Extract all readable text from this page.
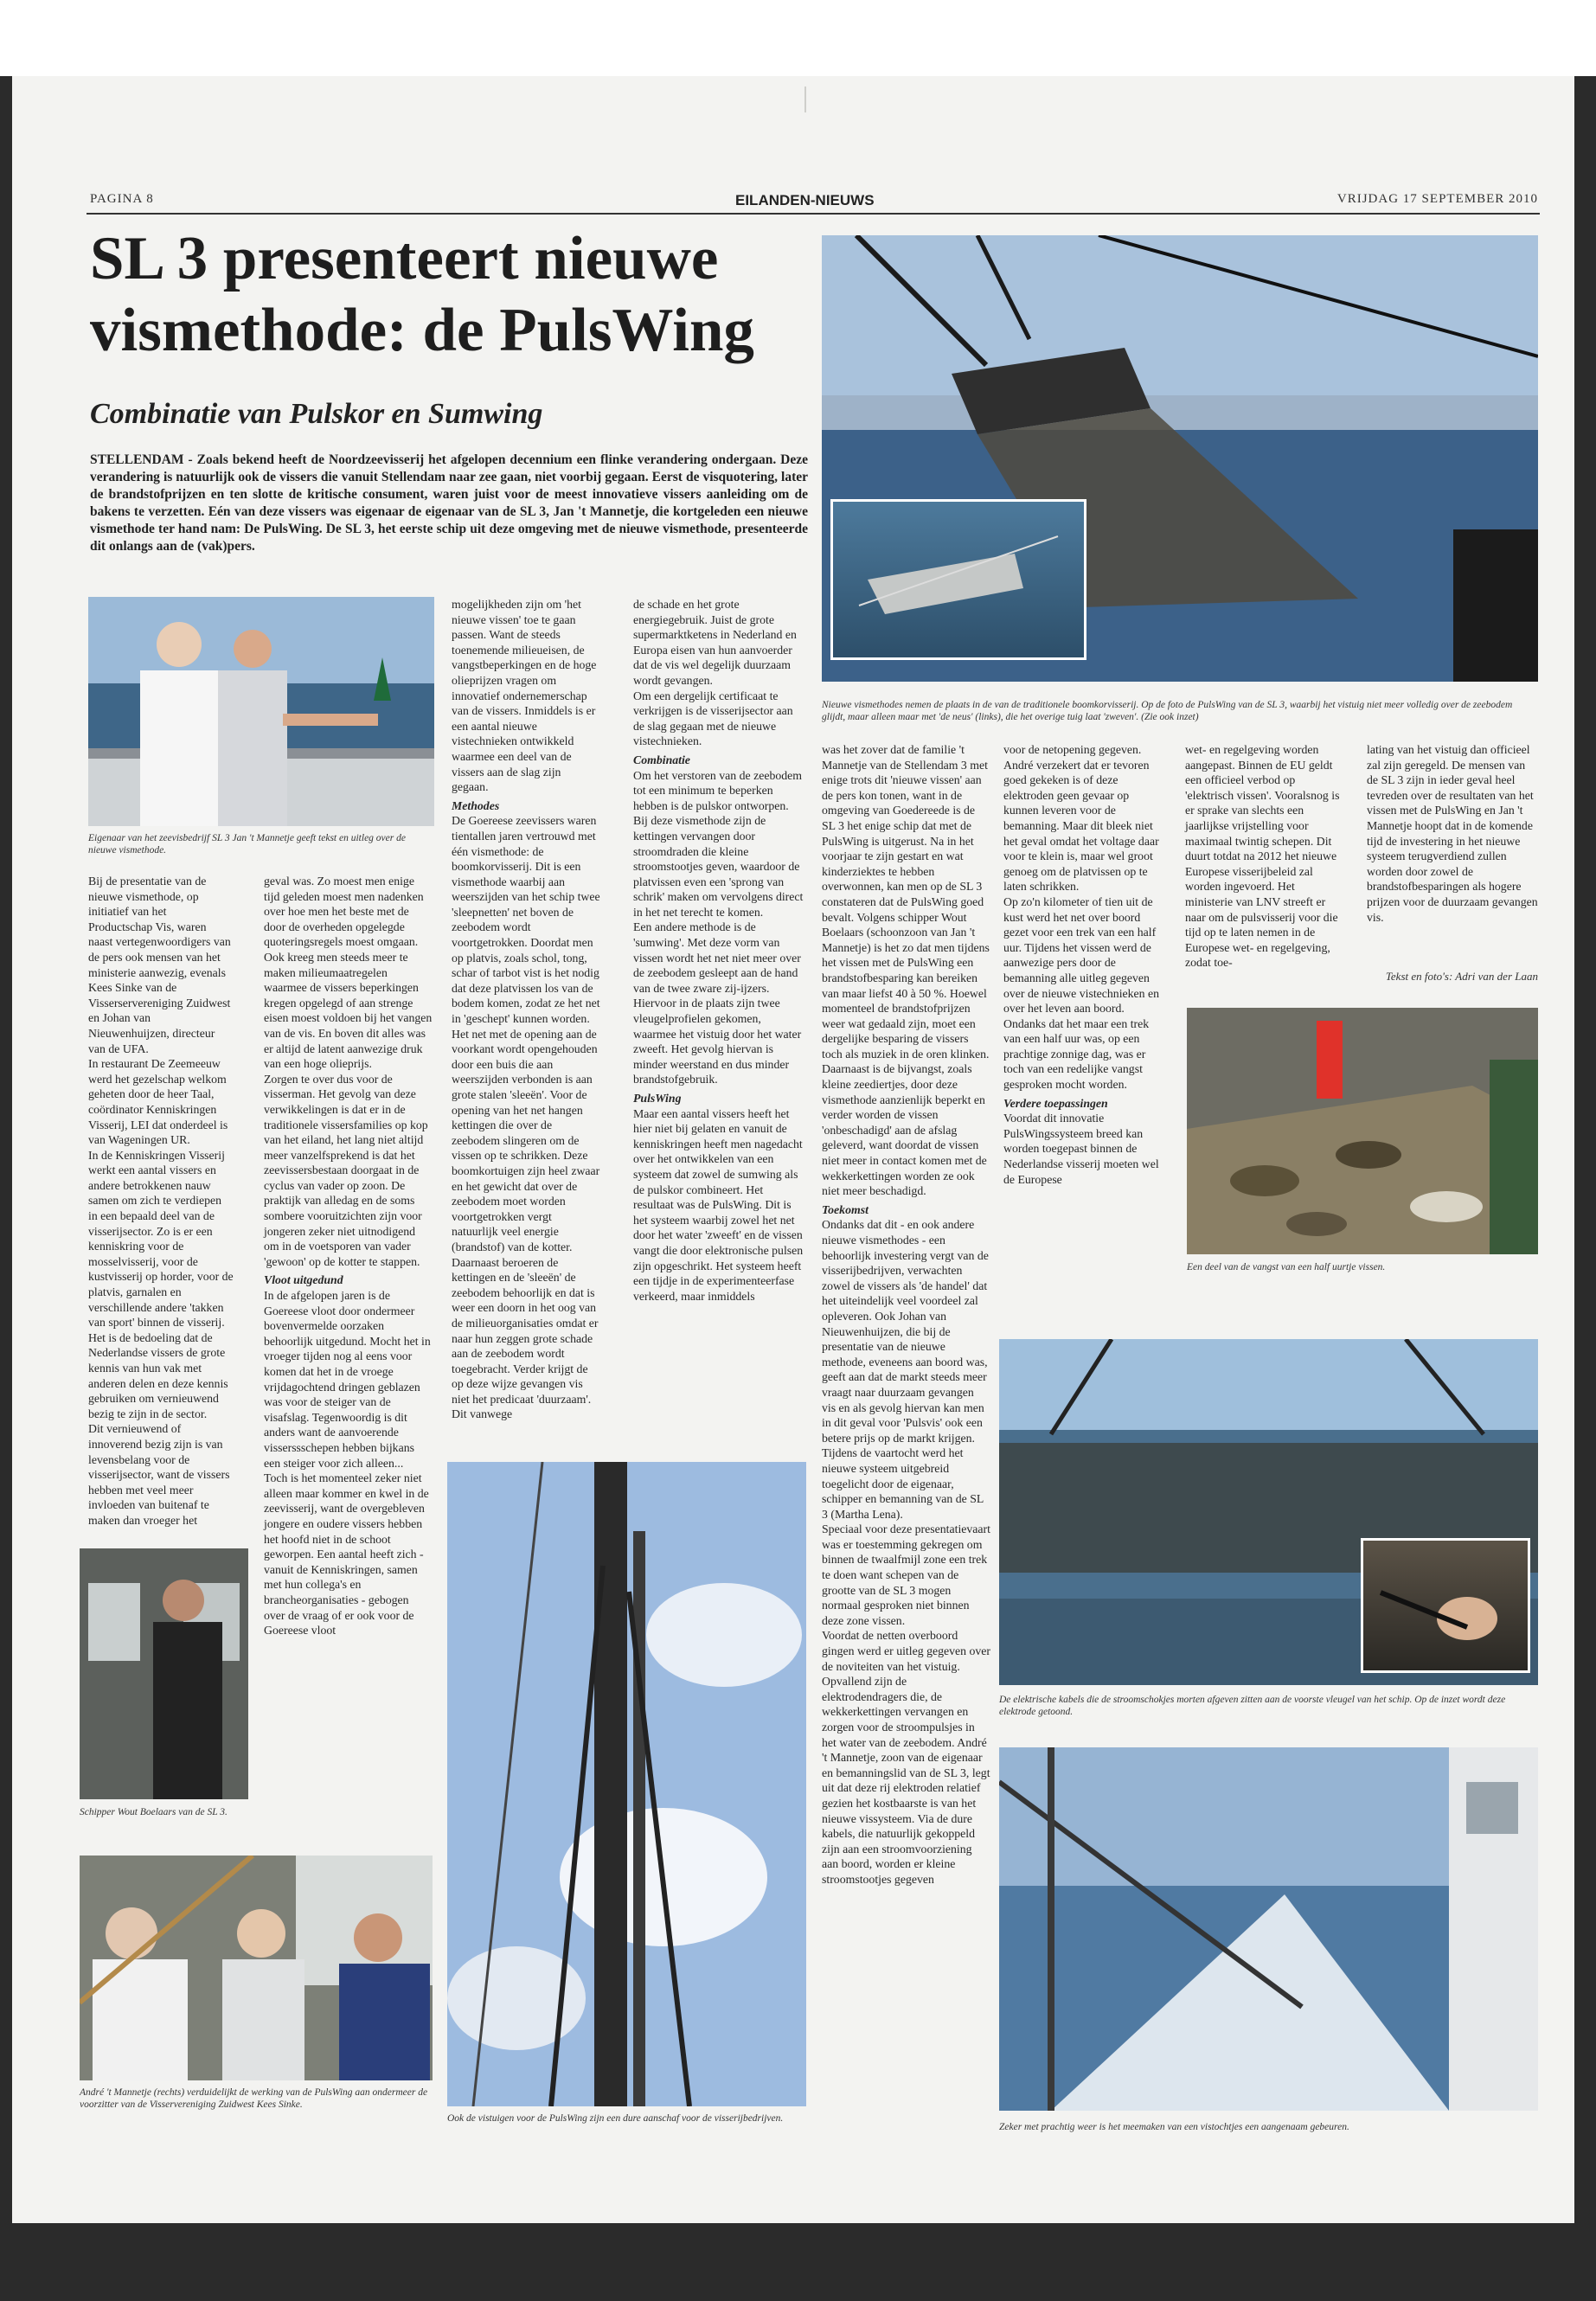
PAGINA 8	EILANDEN-NIEUWS	VRIJDAG 17 SEPTEMBER 2010
SL 3 presenteert nieuwe
vismethode: de PulsWing
Combinatie van Pulskor en Sumwing

STELLENDAM - Zoals bekend heeft de Noordzeevisserij het afgelopen decennium een flinke verandering ondergaan. Deze verandering is natuurlijk ook de vissers die vanuit Stellendam naar zee gaan, niet voorbij gegaan. Eerst de visquotering, later de brandstofprijzen en ten slotte de kritische consument, waren juist voor de meest innovatieve vissers aanleiding om de bakens te verzetten. Eén van deze vissers was eigenaar de eigenaar van de SL 3, Jan 't Mannetje, die kortgeleden een nieuwe vismethode ter hand nam: De PulsWing. De SL 3, het eerste schip uit deze omgeving met de nieuwe vismethode, presenteerde dit onlangs aan de (vak)pers.

Eigenaar van het zeevisbedrijf SL 3 Jan 't Mannetje geeft tekst en uitleg over de nieuwe vismethode.

Bij de presentatie van de nieuwe vismethode, op initiatief van het Productschap Vis, waren naast vertegenwoordigers van de pers ook mensen van het ministerie aanwezig, evenals Kees Sinke van de Visserservereniging Zuidwest en Johan van Nieuwenhuijzen, directeur van de UFA.

In restaurant De Zeemeeuw werd het gezelschap welkom geheten door de heer Taal, coördinator Kenniskringen Visserij, LEI dat onderdeel is van Wageningen UR.

In de Kenniskringen Visserij werkt een aantal vissers en andere betrokkenen nauw samen om zich te verdiepen in een bepaald deel van de visserijsector. Zo is er een kenniskring voor de mosselvisserij, voor de kustvisserij op horder, voor de platvis, garnalen en verschillende andere 'takken van sport' binnen de visserij. Het is de bedoeling dat de Nederlandse vissers de grote kennis van hun vak met anderen delen en deze kennis gebruiken om vernieuwend bezig te zijn in de sector.

Dit vernieuwend of innoverend bezig zijn is van levensbelang voor de visserijsector, want de vissers hebben met veel meer invloeden van buitenaf te maken dan vroeger het

geval was. Zo moest men enige tijd geleden moest men nadenken over hoe men het beste met de door de overheden opgelegde quoteringsregels moest omgaan. Ook kreeg men steeds meer te maken milieumaatregelen waarmee de vissers beperkingen kregen opgelegd of aan strenge eisen moest voldoen bij het vangen van de vis. En boven dit alles was er altijd de latent aanwezige druk van een hoge olieprijs.

Zorgen te over dus voor de visserman. Het gevolg van deze verwikkelingen is dat er in de traditionele vissersfamilies op kop van het eiland, het lang niet altijd meer vanzelfsprekend is dat het zeevissersbestaan doorgaat in de cyclus van vader op zoon. De praktijk van alledag en de soms sombere vooruitzichten zijn voor jongeren zeker niet uitnodigend om in de voetsporen van vader 'gewoon' op de kotter te stappen.

Vloot uitgedund

In de afgelopen jaren is de Goereese vloot door ondermeer bovenvermelde oorzaken behoorlijk uitgedund. Mocht het in vroeger tijden nog al eens voor komen dat het in de vroege vrijdagochtend dringen geblazen was voor de steiger van de visafslag. Tegenwoordig is dit anders want de aanvoerende visserssschepen hebben bijkans een steiger voor zich alleen...

Toch is het momenteel zeker niet alleen maar kommer en kwel in de zeevisserij, want de overgebleven jongere en oudere vissers hebben het hoofd niet in de schoot geworpen. Een aantal heeft zich - vanuit de Kenniskringen, samen met hun collega's en brancheorganisaties - gebogen over de vraag of er ook voor de Goereese vloot

Schipper Wout Boelaars van de SL 3.

André 't Mannetje (rechts) verduidelijkt de werking van de PulsWing aan ondermeer de voorzitter van de Visservereniging Zuidwest Kees Sinke.

mogelijkheden zijn om 'het nieuwe vissen' toe te gaan passen. Want de steeds toenemende milieueisen, de vangstbeperkingen en de hoge olieprijzen vragen om innovatief ondernemerschap van de vissers. Inmiddels is er een aantal nieuwe vistechnieken ontwikkeld waarmee een deel van de vissers aan de slag zijn gegaan.

Methodes

De Goereese zeevissers waren tientallen jaren vertrouwd met één vismethode: de boomkorvisserij. Dit is een vismethode waarbij aan weerszijden van het schip twee 'sleepnetten' net boven de zeebodem wordt voortgetrokken. Doordat men op platvis, zoals schol, tong, schar of tarbot vist is het nodig dat deze platvissen los van de bodem komen, zodat ze het net in 'geschept' kunnen worden. Het net met de opening aan de voorkant wordt opengehouden door een buis die aan weerszijden verbonden is aan grote stalen 'sleeën'. Voor de opening van het net hangen kettingen die over de zeebodem slingeren om de vissen op te schrikken. Deze boomkortuigen zijn heel zwaar en het gewicht dat over de zeebodem moet worden voortgetrokken vergt natuurlijk veel energie (brandstof) van de kotter. Daarnaast beroeren de kettingen en de 'sleeën' de zeebodem behoorlijk en dat is weer een doorn in het oog van de milieuorganisaties omdat er naar hun zeggen grote schade aan de zeebodem wordt toegebracht. Verder krijgt de op deze wijze gevangen vis niet het predicaat 'duurzaam'. Dit vanwege

de schade en het grote energiegebruik. Juist de grote supermarktketens in Nederland en Europa eisen van hun aanvoerder dat de vis wel degelijk duurzaam wordt gevangen.

Om een dergelijk certificaat te verkrijgen is de visserijsector aan de slag gegaan met de nieuwe vistechnieken.

Combinatie

Om het verstoren van de zeebodem tot een minimum te beperken hebben is de pulskor ontworpen. Bij deze vismethode zijn de kettingen vervangen door stroomdraden die kleine stroomstootjes geven, waardoor de platvissen even een 'sprong van schrik' maken om vervolgens direct in het net terecht te komen.

Een andere methode is de 'sumwing'. Met deze vorm van vissen wordt het net niet meer over de zeebodem gesleept aan de hand van de twee zware zij-ijzers. Hiervoor in de plaats zijn twee vleugelprofielen gekomen, waarmee het vistuig door het water zweeft. Het gevolg hiervan is minder weerstand en dus minder brandstofgebruik.

PulsWing

Maar een aantal vissers heeft het hier niet bij gelaten en vanuit de kenniskringen heeft men nagedacht over het ontwikkelen van een systeem dat zowel de sumwing als de pulskor combineert. Het resultaat was de PulsWing. Dit is het systeem waarbij zowel het net door het water 'zweeft' en de vissen vangt die door elektronische pulsen zijn opgeschrikt. Het systeem heeft een tijdje in de experimenteerfase verkeerd, maar inmiddels

Ook de vistuigen voor de PulsWing zijn een dure aanschaf voor de visserijbedrijven.

Nieuwe vismethodes nemen de plaats in de van de traditionele boomkorvisserij. Op de foto de PulsWing van de SL 3, waarbij het vistuig niet meer volledig over de zeebodem glijdt, maar alleen maar met 'de neus' (links), die het overige tuig laat 'zweven'. (Zie ook inzet)

was het zover dat de familie 't Mannetje van de Stellendam 3 met enige trots dit 'nieuwe vissen' aan de pers kon tonen, want in de omgeving van Goedereede is de SL 3 het enige schip dat met de PulsWing is uitgerust. Na in het voorjaar te zijn gestart en wat kinderziektes te hebben overwonnen, kan men op de SL 3 constateren dat de PulsWing goed bevalt. Volgens schipper Wout Boelaars (schoonzoon van Jan 't Mannetje) is het zo dat men tijdens het vissen met de PulsWing een brandstofbesparing kan bereiken van maar liefst 40 à 50 %. Hoewel momenteel de brandstofprijzen weer wat gedaald zijn, moet een dergelijke besparing de vissers toch als muziek in de oren klinken. Daarnaast is de bijvangst, zoals kleine zeediertjes, door deze vismethode aanzienlijk beperkt en verder worden de vissen 'onbeschadigd' aan de afslag geleverd, want doordat de vissen niet meer in contact komen met de wekkerkettingen worden ze ook niet meer beschadigd.

Toekomst

Ondanks dat dit - en ook andere nieuwe vismethodes - een behoorlijk investering vergt van de visserijbedrijven, verwachten zowel de vissers als 'de handel' dat het uiteindelijk veel voordeel zal opleveren. Ook Johan van Nieuwenhuijzen, die bij de presentatie van de nieuwe methode, eveneens aan boord was, geeft aan dat de markt steeds meer vraagt naar duurzaam gevangen vis en als gevolg hiervan kan men in dit geval voor 'Pulsvis' ook een betere prijs op de markt krijgen.

Tijdens de vaartocht werd het nieuwe systeem uitgebreid toegelicht door de eigenaar, schipper en bemanning van de SL 3 (Martha Lena).

Speciaal voor deze presentatievaart was er toestemming gekregen om binnen de twaalfmijl zone een trek te doen want schepen van de grootte van de SL 3 mogen normaal gesproken niet binnen deze zone vissen.

Voordat de netten overboord gingen werd er uitleg gegeven over de noviteiten van het vistuig. Opvallend zijn de elektrodendragers die, de wekkerkettingen vervangen en zorgen voor de stroompulsjes in het water van de zeebodem. André 't Mannetje, zoon van de eigenaar en bemanningslid van de SL 3, legt uit dat deze rij elektroden relatief gezien het kostbaarste is van het nieuwe vissysteem. Via de dure kabels, die natuurlijk gekoppeld zijn aan een stroomvoorziening aan boord, worden er kleine stroomstootjes gegeven

voor de netopening gegeven. André verzekert dat er tevoren goed gekeken is of deze elektroden geen gevaar op kunnen leveren voor de bemanning. Maar dit bleek niet het geval omdat het voltage daar voor te klein is, maar wel groot genoeg om de platvissen op te laten schrikken.

Op zo'n kilometer of tien uit de kust werd het net over boord gezet voor een trek van een half uur. Tijdens het vissen werd de aanwezige pers door de bemanning alle uitleg gegeven over de nieuwe vistechnieken en over het leven aan boord. Ondanks dat het maar een trek van een half uur was, op een prachtige zonnige dag, was er toch van een redelijke vangst gesproken mocht worden.

Verdere toepassingen

Voordat dit innovatie PulsWingssysteem breed kan worden toegepast binnen de Nederlandse visserij moeten wel de Europese

wet- en regelgeving worden aangepast. Binnen de EU geldt een officieel verbod op 'elektrisch vissen'. Vooralsnog is er sprake van slechts een jaarlijkse vrijstelling voor maximaal twintig schepen. Dit duurt totdat na 2012 het nieuwe Europese visserijbeleid zal worden ingevoerd. Het ministerie van LNV streeft er naar om de pulsvisserij voor die tijd op te laten nemen in de Europese wet- en regelgeving, zodat toe-

lating van het vistuig dan officieel zal zijn geregeld. De mensen van de SL 3 zijn in ieder geval heel tevreden over de resultaten van het vissen met de PulsWing en Jan 't Mannetje hoopt dat in de komende tijd de investering in het nieuwe systeem terugverdiend zullen worden door zowel de brandstofbesparingen als hogere prijzen voor de duurzaam gevangen vis.

Tekst en foto's: Adri van der Laan

Een deel van de vangst van een half uurtje vissen.

De elektrische kabels die de stroomschokjes morten afgeven zitten aan de voorste vleugel van het schip. Op de inzet wordt deze elektrode getoond.

Zeker met prachtig weer is het meemaken van een vistochtjes een aangenaam gebeuren.
